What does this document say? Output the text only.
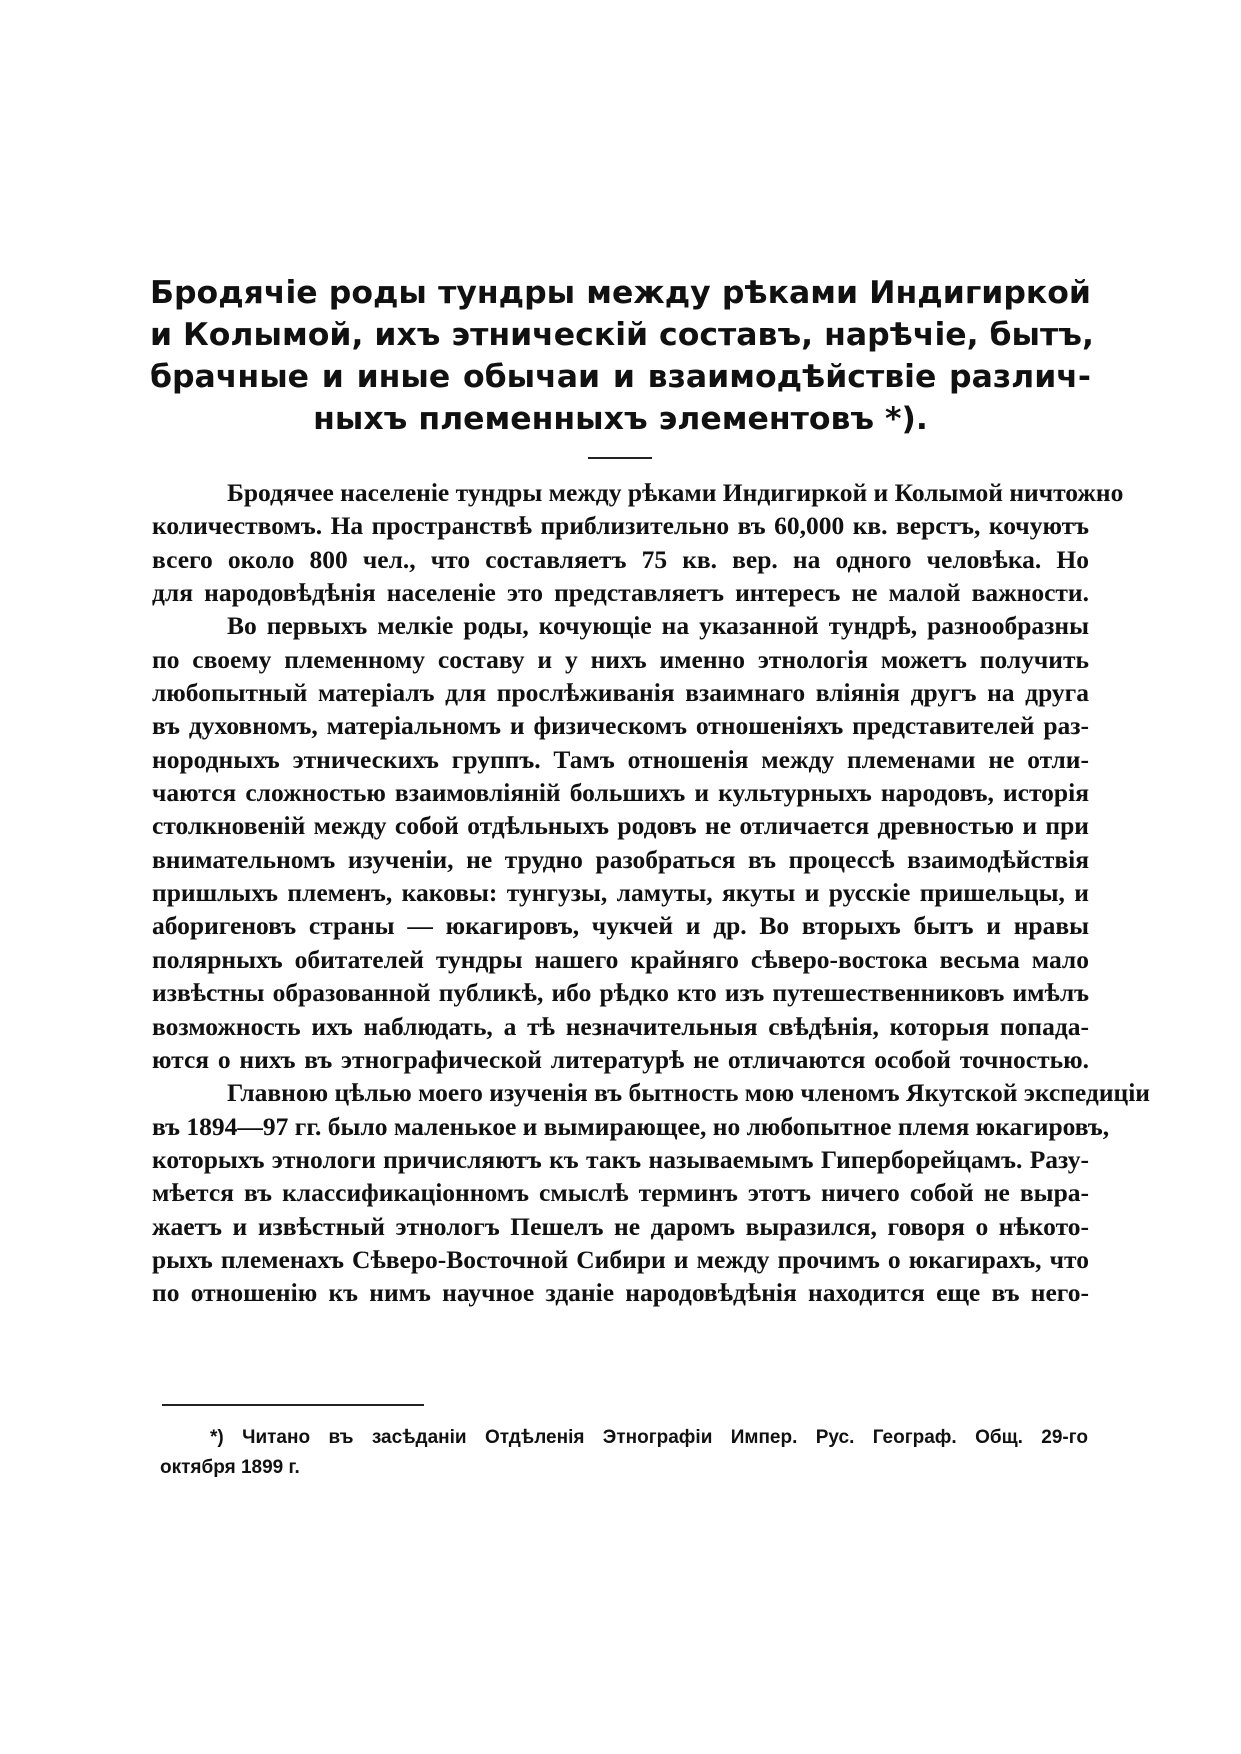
Бродячіе роды тундры между рѣками Индигиркой
и Колымой, ихъ этническій составъ, нарѣчіе, бытъ,
брачные и иные обычаи и взаимодѣйствіе различ-
ныхъ племенныхъ элементовъ *).
Бродячее населеніе тундры между рѣками Индигиркой и Колымой ничтожно
количествомъ. На пространствѣ приблизительно въ 60,000 кв. верстъ, кочуютъ
всего около 800 чел., что составляетъ 75 кв. вер. на одного человѣка. Но
для народовѣдѣнія населеніе это представляетъ интересъ не малой важности.
Во первыхъ мелкіе роды, кочующіе на указанной тундрѣ, разнообразны
по своему племенному составу и у нихъ именно этнологія можетъ получить
любопытный матеріалъ для прослѣживанія взаимнаго вліянія другъ на друга
въ духовномъ, матеріальномъ и физическомъ отношеніяхъ представителей раз-
нородныхъ этническихъ группъ. Тамъ отношенія между племенами не отли-
чаются сложностью взаимовліяній большихъ и культурныхъ народовъ, исторія
столкновеній между собой отдѣльныхъ родовъ не отличается древностью и при
внимательномъ изученіи, не трудно разобраться въ процессѣ взаимодѣйствія
пришлыхъ племенъ, каковы: тунгузы, ламуты, якуты и русскіе пришельцы, и
аборигеновъ страны — юкагировъ, чукчей и др. Во вторыхъ бытъ и нравы
полярныхъ обитателей тундры нашего крайняго сѣверо-востока весьма мало
извѣстны образованной публикѣ, ибо рѣдко кто изъ путешественниковъ имѣлъ
возможность ихъ наблюдать, а тѣ незначительныя свѣдѣнія, которыя попада-
ются о нихъ въ этнографической литературѣ не отличаются особой точностью.
Главною цѣлью моего изученія въ бытность мою членомъ Якутской экспедиціи
въ 1894—97 гг. было маленькое и вымирающее, но любопытное племя юкагировъ,
которыхъ этнологи причисляютъ къ такъ называемымъ Гиперборейцамъ. Разу-
мѣется въ классификаціонномъ смыслѣ терминъ этотъ ничего собой не выра-
жаетъ и извѣстный этнологъ Пешелъ не даромъ выразился, говоря о нѣкото-
рыхъ племенахъ Сѣверо-Восточной Сибири и между прочимъ о юкагирахъ, что
по отношенію къ нимъ научное зданіе народовѣдѣнія находится еще въ него-
*) Читано въ засѣданіи Отдѣленія Этнографіи Импер. Рус. Географ. Общ. 29-го
октября 1899 г.
